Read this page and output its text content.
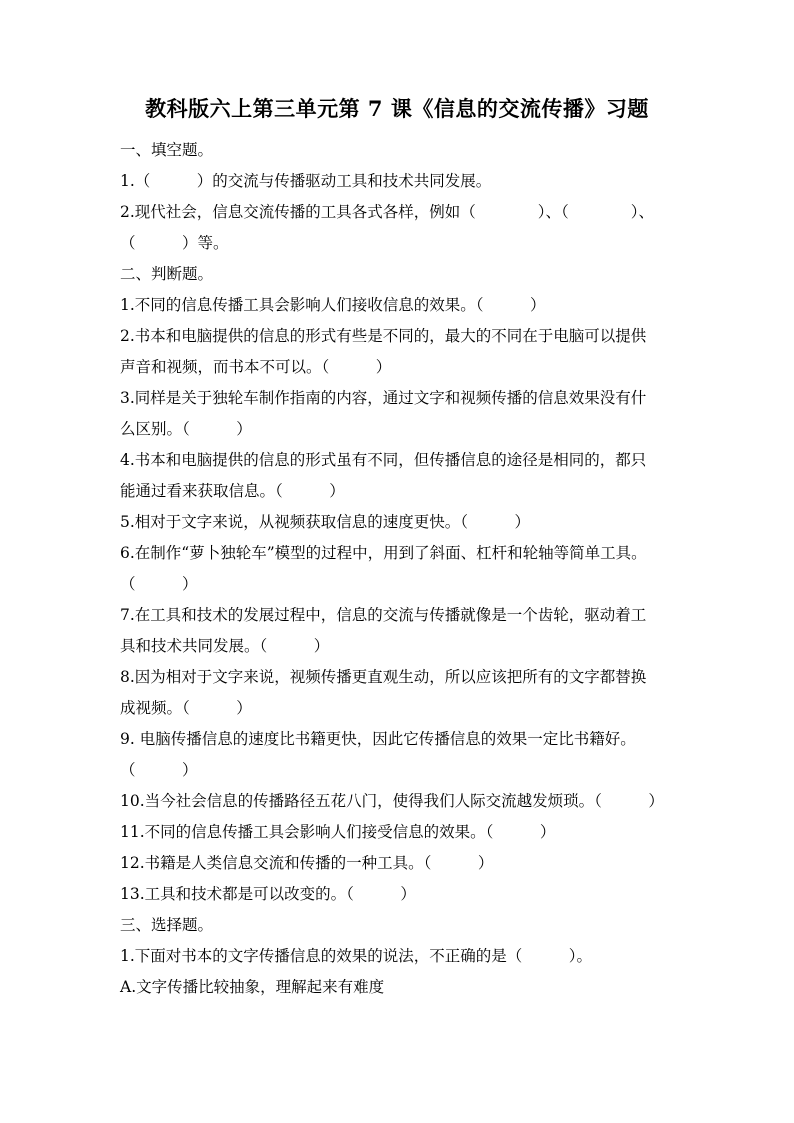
教科版六上第三单元第 7 课《信息的交流传播》习题
一、填空题。
1.（　　　）的交流与传播驱动工具和技术共同发展。
2.现代社会，信息交流传播的工具各式各样，例如（　　　　）、（　　　　）、
（　　　）等。
二、判断题。
1.不同的信息传播工具会影响人们接收信息的效果。（　　　）
2.书本和电脑提供的信息的形式有些是不同的，最大的不同在于电脑可以提供
声音和视频，而书本不可以。（　　　）
3.同样是关于独轮车制作指南的内容，通过文字和视频传播的信息效果没有什
么区别。（　　　）
4.书本和电脑提供的信息的形式虽有不同，但传播信息的途径是相同的，都只
能通过看来获取信息。（　　　）
5.相对于文字来说，从视频获取信息的速度更快。（　　　）
6.在制作“萝卜独轮车”模型的过程中，用到了斜面、杠杆和轮轴等简单工具。
（　　　）
7.在工具和技术的发展过程中，信息的交流与传播就像是一个齿轮，驱动着工
具和技术共同发展。（　　　）
8.因为相对于文字来说，视频传播更直观生动，所以应该把所有的文字都替换
成视频。（　　　）
9. 电脑传播信息的速度比书籍更快，因此它传播信息的效果一定比书籍好。
（　　　）
10.当今社会信息的传播路径五花八门，使得我们人际交流越发烦琐。（　　　）
11.不同的信息传播工具会影响人们接受信息的效果。（　　　）
12.书籍是人类信息交流和传播的一种工具。（　　　）
13.工具和技术都是可以改变的。（　　　）
三、选择题。
1.下面对书本的文字传播信息的效果的说法，不正确的是（　　　）。
A.文字传播比较抽象，理解起来有难度
